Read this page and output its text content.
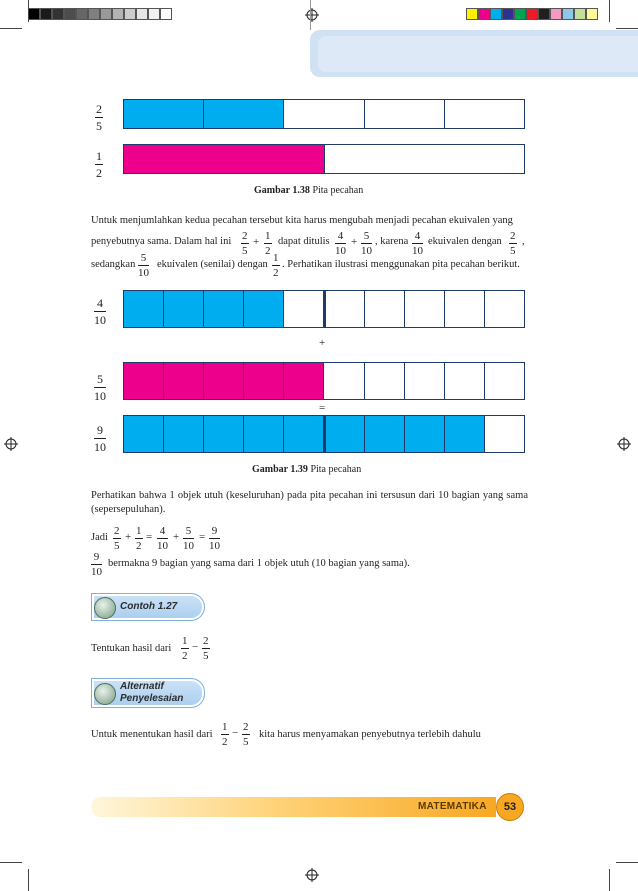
2
5
1
2
Gambar 1.38 Pita pecahan
Untuk menjumlahkan kedua pecahan tersebut kita harus mengubah menjadi pecahan ekuivalen yang
penyebutnya sama. Dalam hal ini 2
5
+ 1
2
dapat ditulis 4
10
+ 5
10
, karena 4
10
ekuivalen dengan 2
5
,
sedangkan
5
10
ekuivalen (senilai) dengan
1
2
. Perhatikan ilustrasi menggunakan pita pecahan berikut.
4
10
+
5
10
=
9
10
Gambar 1.39 Pita pecahan
Perhatikan bahwa 1 objek utuh (keseluruhan) pada pita pecahan ini tersusun dari 10 bagian yang sama (sepersepuluhan).
Jadi
2
5
+ 1
2
= 4
10
+ 5
10
= 9
10
9
10
bermakna 9 bagian yang sama dari 1 objek utuh (10 bagian yang sama).
Contoh 1.27
Tentukan hasil dari
1
2
− 2
5
Alternatif
Penyelesaian
Untuk menentukan hasil dari
1
2
− 2
5
kita harus menyamakan penyebutnya terlebih dahulu
MATEMATIKA	53
